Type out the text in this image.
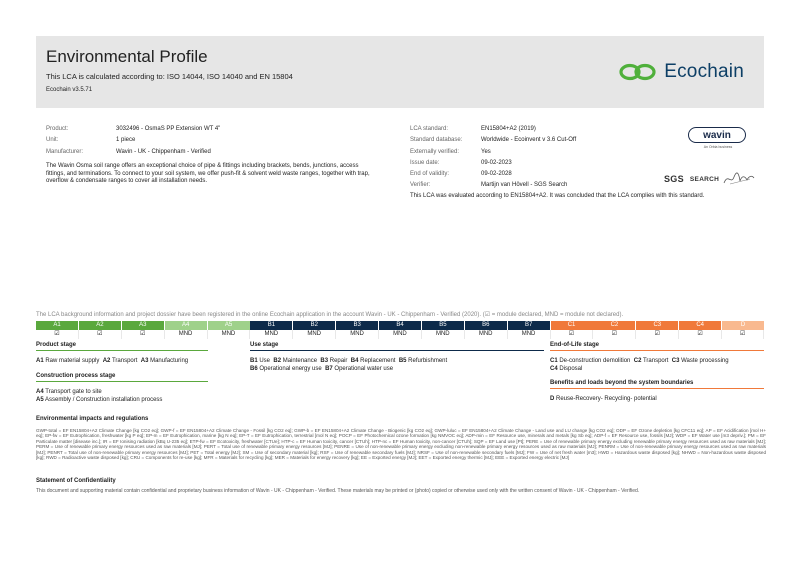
Environmental Profile
This LCA is calculated according to: ISO 14044, ISO 14040 and EN 15804
Ecochain v3.5.71
Ecochain
Product:	3032496 - OsmaS PP Extension WT 4"
Unit:	1 piece
Manufacturer:	Wavin - UK - Chippenham - Verified
The Wavin Osma soil range offers an exceptional choice of pipe & fittings including brackets, bends, junctions, access fittings, and terminations. To connect to your soil system, we offer push-fit & solvent weld waste ranges, together with trap, overflow & condensate ranges to cover all installation needs.
LCA standard:	EN15804+A2 (2019)
Standard database:	Worldwide - Ecoinvent v 3.6 Cut-Off
Externally verified:	Yes
Issue date:	09-02-2023
End of validity:	09-02-2028
Verifier:	Martijn van Hövell - SGS Search
This LCA was evaluated according to EN15804+A2. It was concluded that the LCA complies with this standard.
wavin
An Orbia business
SGS SEARCH
The LCA background information and project dossier have been registered in the online Ecochain application in the account Wavin - UK - Chippenham - Verified (2020). (☑ = module declared, MND = module not declared).
A1	A2	A3	A4	A5	B1	B2	B3	B4	B5	B6	B7	C1	C2	C3	C4	D
☑	☑	☑	MND	MND	MND	MND	MND	MND	MND	MND	MND	☑	☑	☑	☑	☑
Product stage
A1 Raw material supply A2 Transport A3 Manufacturing
Construction process stage
A4 Transport gate to site
A5 Assembly / Construction installation process
Use stage
B1 Use B2 Maintenance B3 Repair B4 Replacement B5 Refurbishment
B6 Operational energy use B7 Operational water use
End-of-Life stage
C1 De-construction demolition C2 Transport C3 Waste processing
C4 Disposal
Benefits and loads beyond the system boundaries
D Reuse-Recovery- Recycling- potential
Environmental impacts and regulations
GWP-total = EF EN15804+A2 Climate Change [kg CO2 eq]; GWP-f = EF EN15804+A2 Climate Change - Fossil [kg CO2 eq]; GWP-b = EF EN15804+A2 Climate Change - Biogenic [kg CO2 eq]; GWP-luluc = EF EN15804+A2 Climate Change - Land use and LU change [kg CO2 eq]; ODP = EF Ozone depletion [kg CFC11 eq]; AP = EF Acidification [mol H+ eq]; EP-fw = EF Eutrophication, freshwater [kg P eq]; EP-m = EF Eutrophication, marine [kg N eq]; EP-T = EF Eutrophication, terrestrial [mol N eq]; POCP = EF Photochemical ozone formation [kg NMVOC eq]; ADP-min = EF Resource use, minerals and metals [kg Sb eq]; ADP-f = EF Resource use, fossils [MJ]; WDP = EF Water use [m3 depriv.]; PM = EF Particulate matter [disease inc.]; IR = EF Ionising radiation [kBq U-235 eq]; ETP-fw = EF Ecotoxicity, freshwater [CTUe]; HTP-c = EF Human toxicity, cancer [CTUh]; HTP-nc = EF Human toxicity, non-cancer [CTUh]; SQP = EF Land use [Pt]; PERE = Use of renewable primary energy excluding renewable primary energy resources used as raw materials [MJ]; PERM = Use of renewable primary energy resources used as raw materials [MJ]; PERT = Total use of renewable primary energy resources [MJ]; PENRE = Use of non-renewable primary energy excluding non-renewable primary energy resources used as raw materials [MJ]; PENRM = Use of non-renewable primary energy resources used as raw materials [MJ]; PENRT = Total use of non-renewable primary energy resources [MJ]; PET = Total energy [MJ]; SM = Use of secondary material [kg]; RSF = Use of renewable secondary fuels [MJ]; NRSF = Use of non-renewable secondary fuels [MJ]; FW = Use of net fresh water [m3]; HWD = Hazardous waste disposed [kg]; NHWD = Non-hazardous waste disposed [kg]; RWD = Radioactive waste disposed [kg]; CRU = Components for re-use [kg]; MFR = Materials for recycling [kg]; MER = Materials for energy recovery [kg]; EE = Exported energy [MJ]; EET = Exported energy thermic [MJ]; EEE = Exported energy electric [MJ]
Statement of Confidentiality
This document and supporting material contain confidential and proprietary business information of Wavin - UK - Chippenham - Verified. These materials may be printed or (photo) copied or otherwise used only with the written consent of Wavin - UK - Chippenham - Verified.
